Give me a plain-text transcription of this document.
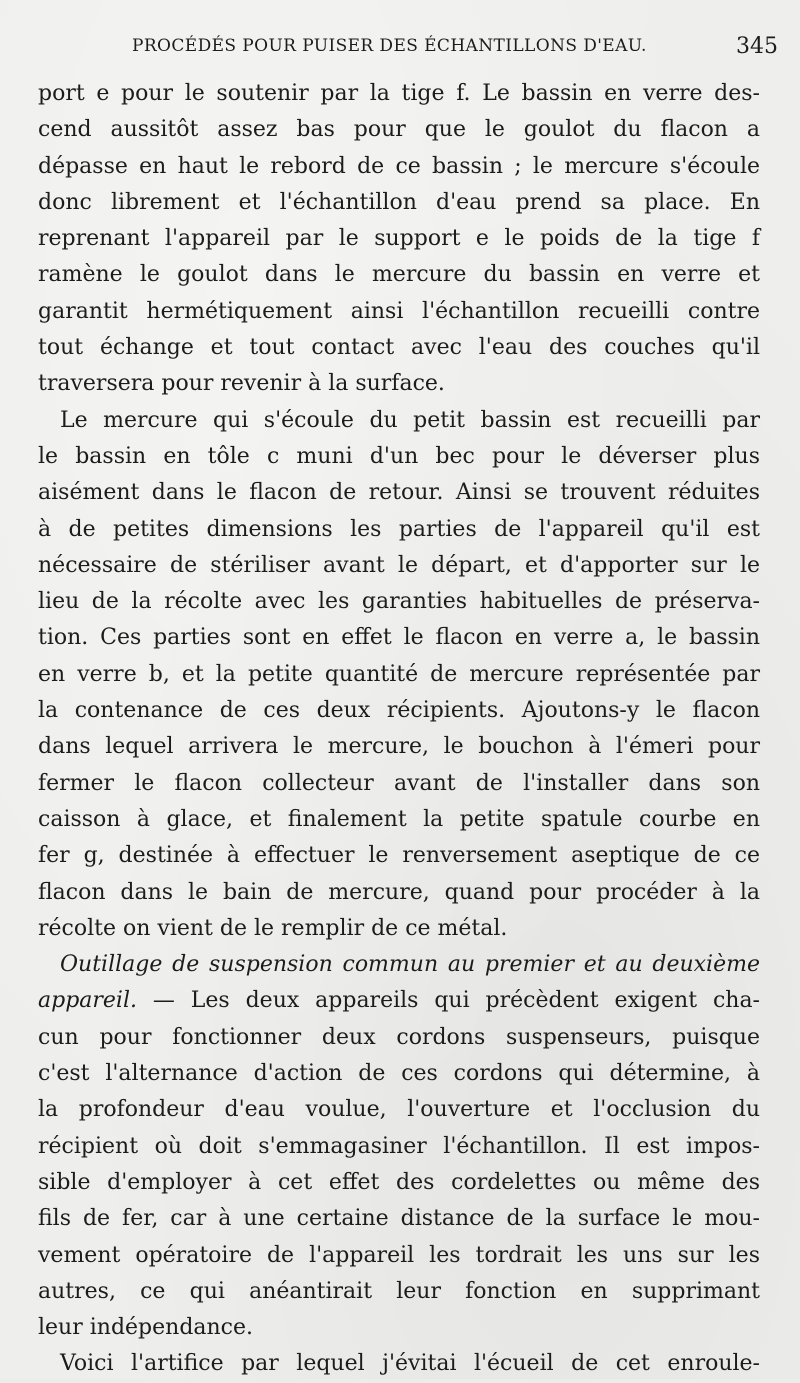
PROCÉDÉS POUR PUISER DES ÉCHANTILLONS D'EAU.	345
port e pour le soutenir par la tige f. Le bassin en verre des-
cend aussitôt assez bas pour que le goulot du flacon a
dépasse en haut le rebord de ce bassin ; le mercure s'écoule
donc librement et l'échantillon d'eau prend sa place. En
reprenant l'appareil par le support e le poids de la tige f
ramène le goulot dans le mercure du bassin en verre et
garantit hermétiquement ainsi l'échantillon recueilli contre
tout échange et tout contact avec l'eau des couches qu'il
traversera pour revenir à la surface.
Le mercure qui s'écoule du petit bassin est recueilli par
le bassin en tôle c muni d'un bec pour le déverser plus
aisément dans le flacon de retour. Ainsi se trouvent réduites
à de petites dimensions les parties de l'appareil qu'il est
nécessaire de stériliser avant le départ, et d'apporter sur le
lieu de la récolte avec les garanties habituelles de préserva-
tion. Ces parties sont en effet le flacon en verre a, le bassin
en verre b, et la petite quantité de mercure représentée par
la contenance de ces deux récipients. Ajoutons-y le flacon
dans lequel arrivera le mercure, le bouchon à l'émeri pour
fermer le flacon collecteur avant de l'installer dans son
caisson à glace, et finalement la petite spatule courbe en
fer g, destinée à effectuer le renversement aseptique de ce
flacon dans le bain de mercure, quand pour procéder à la
récolte on vient de le remplir de ce métal.
Outillage de suspension commun au premier et au deuxième
appareil. — Les deux appareils qui précèdent exigent cha-
cun pour fonctionner deux cordons suspenseurs, puisque
c'est l'alternance d'action de ces cordons qui détermine, à
la profondeur d'eau voulue, l'ouverture et l'occlusion du
récipient où doit s'emmagasiner l'échantillon. Il est impos-
sible d'employer à cet effet des cordelettes ou même des
fils de fer, car à une certaine distance de la surface le mou-
vement opératoire de l'appareil les tordrait les uns sur les
autres, ce qui anéantirait leur fonction en supprimant
leur indépendance.
Voici l'artifice par lequel j'évitai l'écueil de cet enroule-
